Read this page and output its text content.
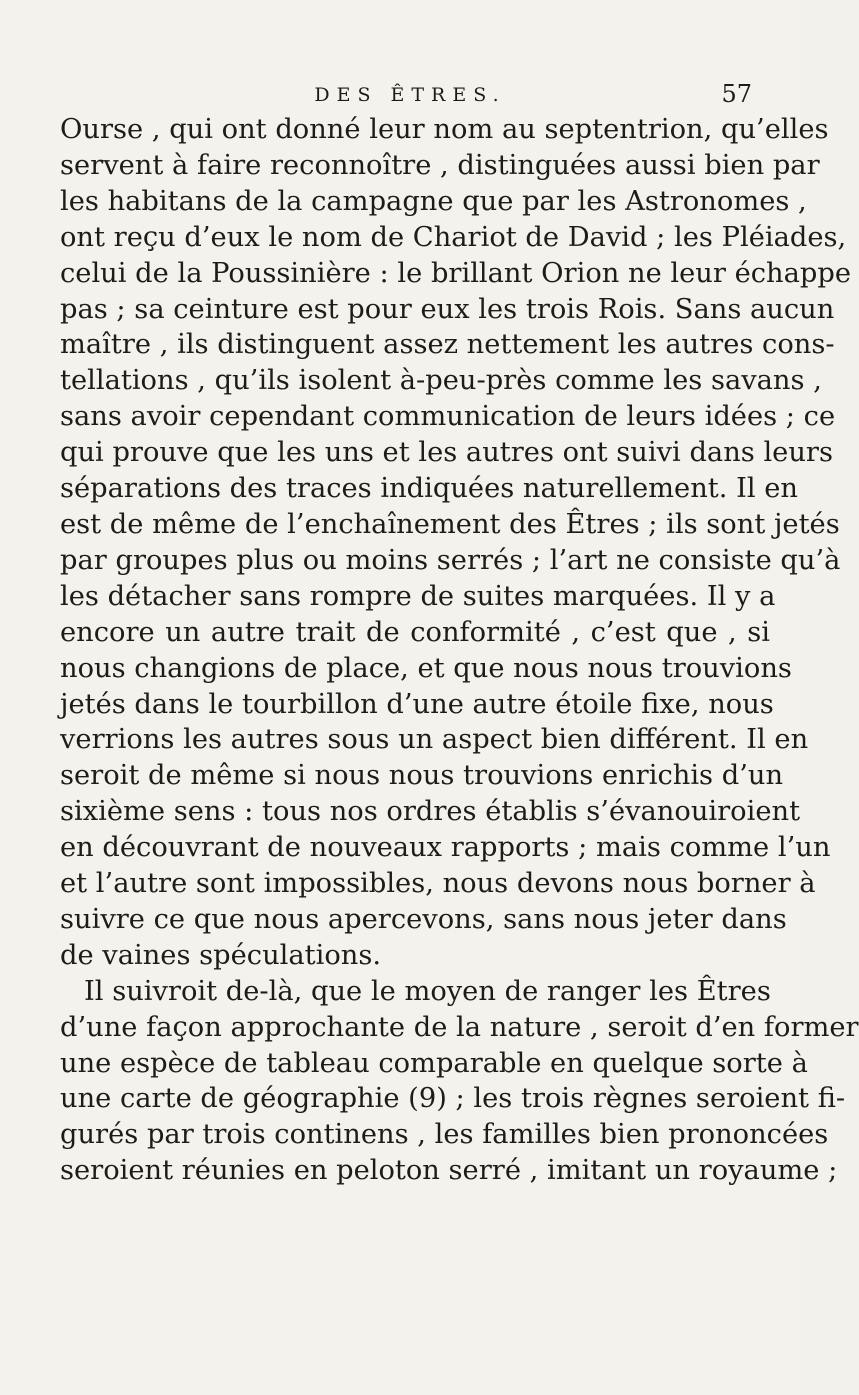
DES ÊTRES.	57
Ourse , qui ont donné leur nom au septentrion, qu’elles
servent à faire reconnoître , distinguées aussi bien par
les habitans de la campagne que par les Astronomes ,
ont reçu d’eux le nom de Chariot de David ; les Pléiades,
celui de la Poussinière : le brillant Orion ne leur échappe
pas ; sa ceinture est pour eux les trois Rois. Sans aucun
maître , ils distinguent assez nettement les autres cons-
tellations , qu’ils isolent à-peu-près comme les savans ,
sans avoir cependant communication de leurs idées ; ce
qui prouve que les uns et les autres ont suivi dans leurs
séparations des traces indiquées naturellement. Il en
est de même de l’enchaînement des Êtres ; ils sont jetés
par groupes plus ou moins serrés ; l’art ne consiste qu’à
les détacher sans rompre de suites marquées. Il y a
encore un autre trait de conformité , c’est que , si
nous changions de place, et que nous nous trouvions
jetés dans le tourbillon d’une autre étoile fixe, nous
verrions les autres sous un aspect bien différent. Il en
seroit de même si nous nous trouvions enrichis d’un
sixième sens : tous nos ordres établis s’évanouiroient
en découvrant de nouveaux rapports ; mais comme l’un
et l’autre sont impossibles, nous devons nous borner à
suivre ce que nous apercevons, sans nous jeter dans
de vaines spéculations.
Il suivroit de-là, que le moyen de ranger les Êtres
d’une façon approchante de la nature , seroit d’en former
une espèce de tableau comparable en quelque sorte à
une carte de géographie (9) ; les trois règnes seroient fi-
gurés par trois continens , les familles bien prononcées
seroient réunies en peloton serré , imitant un royaume ;
